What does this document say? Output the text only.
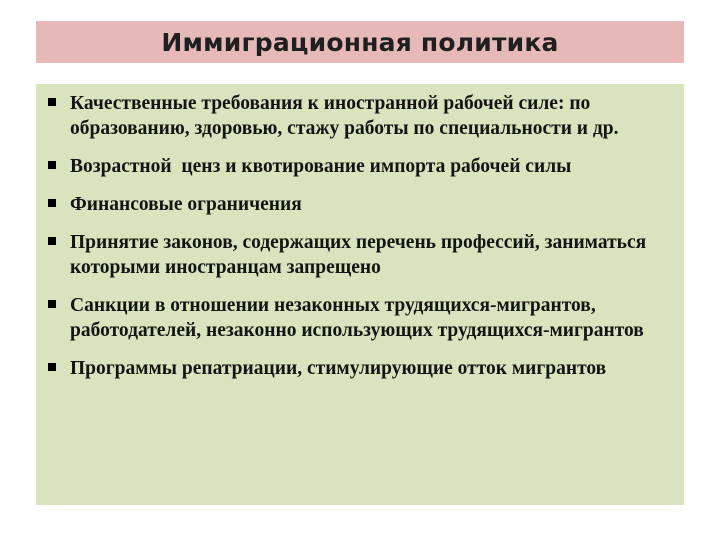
Иммиграционная политика
Качественные требования к иностранной рабочей силе: по образованию, здоровью, стажу работы по специальности и др.
Возрастной  ценз и квотирование импорта рабочей силы
Финансовые ограничения
Принятие законов, содержащих перечень профессий, заниматься которыми иностранцам запрещено
Санкции в отношении незаконных трудящихся-мигрантов, работодателей, незаконно использующих трудящихся-мигрантов
Программы репатриации, стимулирующие отток мигрантов
